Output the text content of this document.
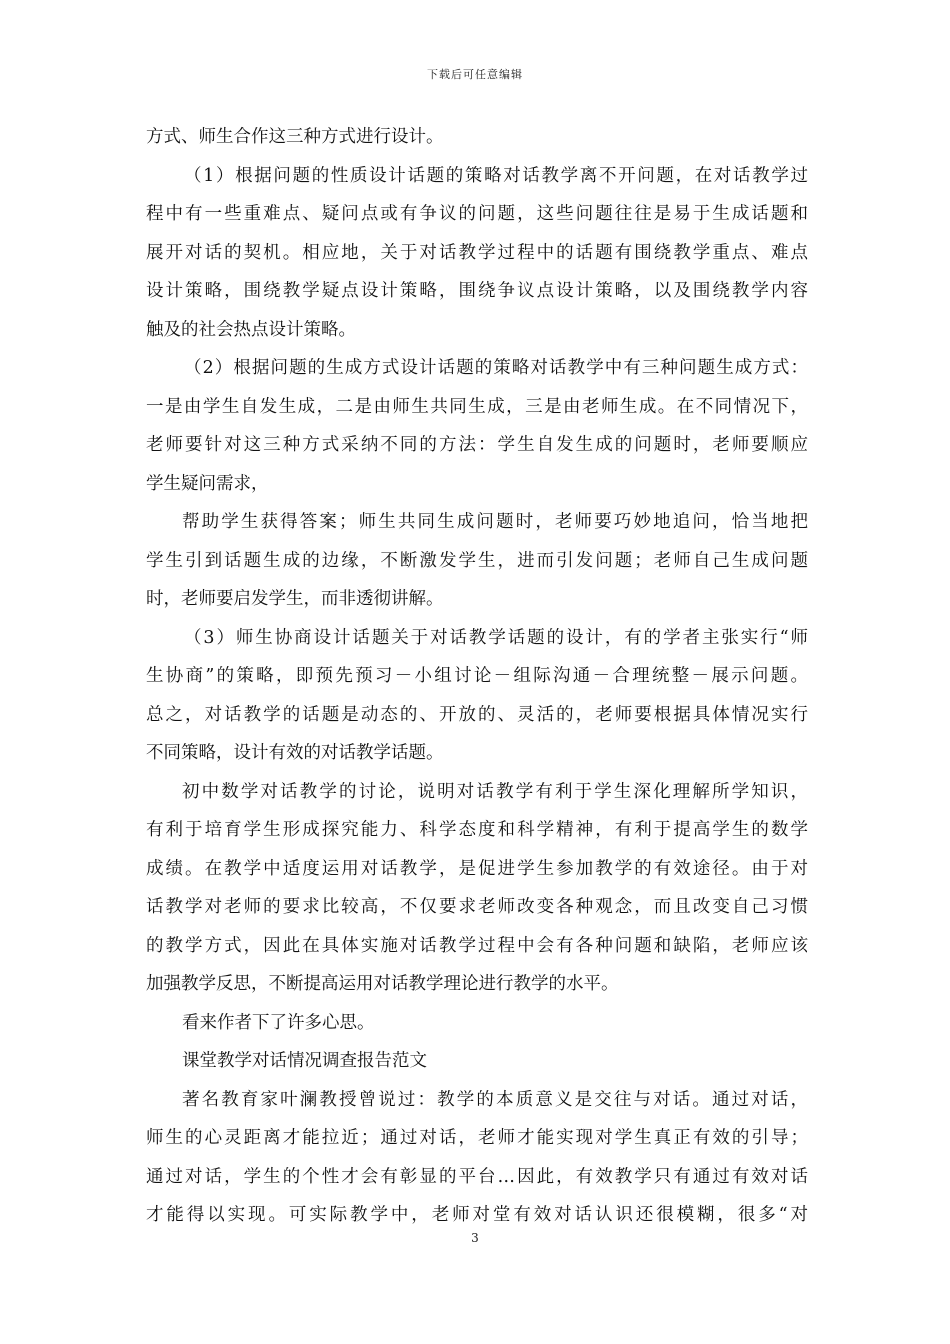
下载后可任意编辑
方式、师生合作这三种方式进行设计。
（1）根据问题的性质设计话题的策略对话教学离不开问题，在对话教学过
程中有一些重难点、疑问点或有争议的问题，这些问题往往是易于生成话题和
展开对话的契机。相应地，关于对话教学过程中的话题有围绕教学重点、难点
设计策略，围绕教学疑点设计策略，围绕争议点设计策略，以及围绕教学内容
触及的社会热点设计策略。
（2）根据问题的生成方式设计话题的策略对话教学中有三种问题生成方式：
一是由学生自发生成，二是由师生共同生成，三是由老师生成。在不同情况下，
老师要针对这三种方式采纳不同的方法：学生自发生成的问题时，老师要顺应
学生疑问需求，
帮助学生获得答案；师生共同生成问题时，老师要巧妙地追问，恰当地把
学生引到话题生成的边缘，不断激发学生，进而引发问题；老师自己生成问题
时，老师要启发学生，而非透彻讲解。
（3）师生协商设计话题关于对话教学话题的设计，有的学者主张实行“师
生协商”的策略，即预先预习－小组讨论－组际沟通－合理统整－展示问题。
总之，对话教学的话题是动态的、开放的、灵活的，老师要根据具体情况实行
不同策略，设计有效的对话教学话题。
初中数学对话教学的讨论，说明对话教学有利于学生深化理解所学知识，
有利于培育学生形成探究能力、科学态度和科学精神，有利于提高学生的数学
成绩。在教学中适度运用对话教学，是促进学生参加教学的有效途径。由于对
话教学对老师的要求比较高，不仅要求老师改变各种观念，而且改变自己习惯
的教学方式，因此在具体实施对话教学过程中会有各种问题和缺陷，老师应该
加强教学反思，不断提高运用对话教学理论进行教学的水平。
看来作者下了许多心思。
课堂教学对话情况调查报告范文
著名教育家叶澜教授曾说过：教学的本质意义是交往与对话。通过对话，
师生的心灵距离才能拉近；通过对话，老师才能实现对学生真正有效的引导；
通过对话，学生的个性才会有彰显的平台…因此，有效教学只有通过有效对话
才能得以实现。可实际教学中，老师对堂有效对话认识还很模糊，很多“对
3
